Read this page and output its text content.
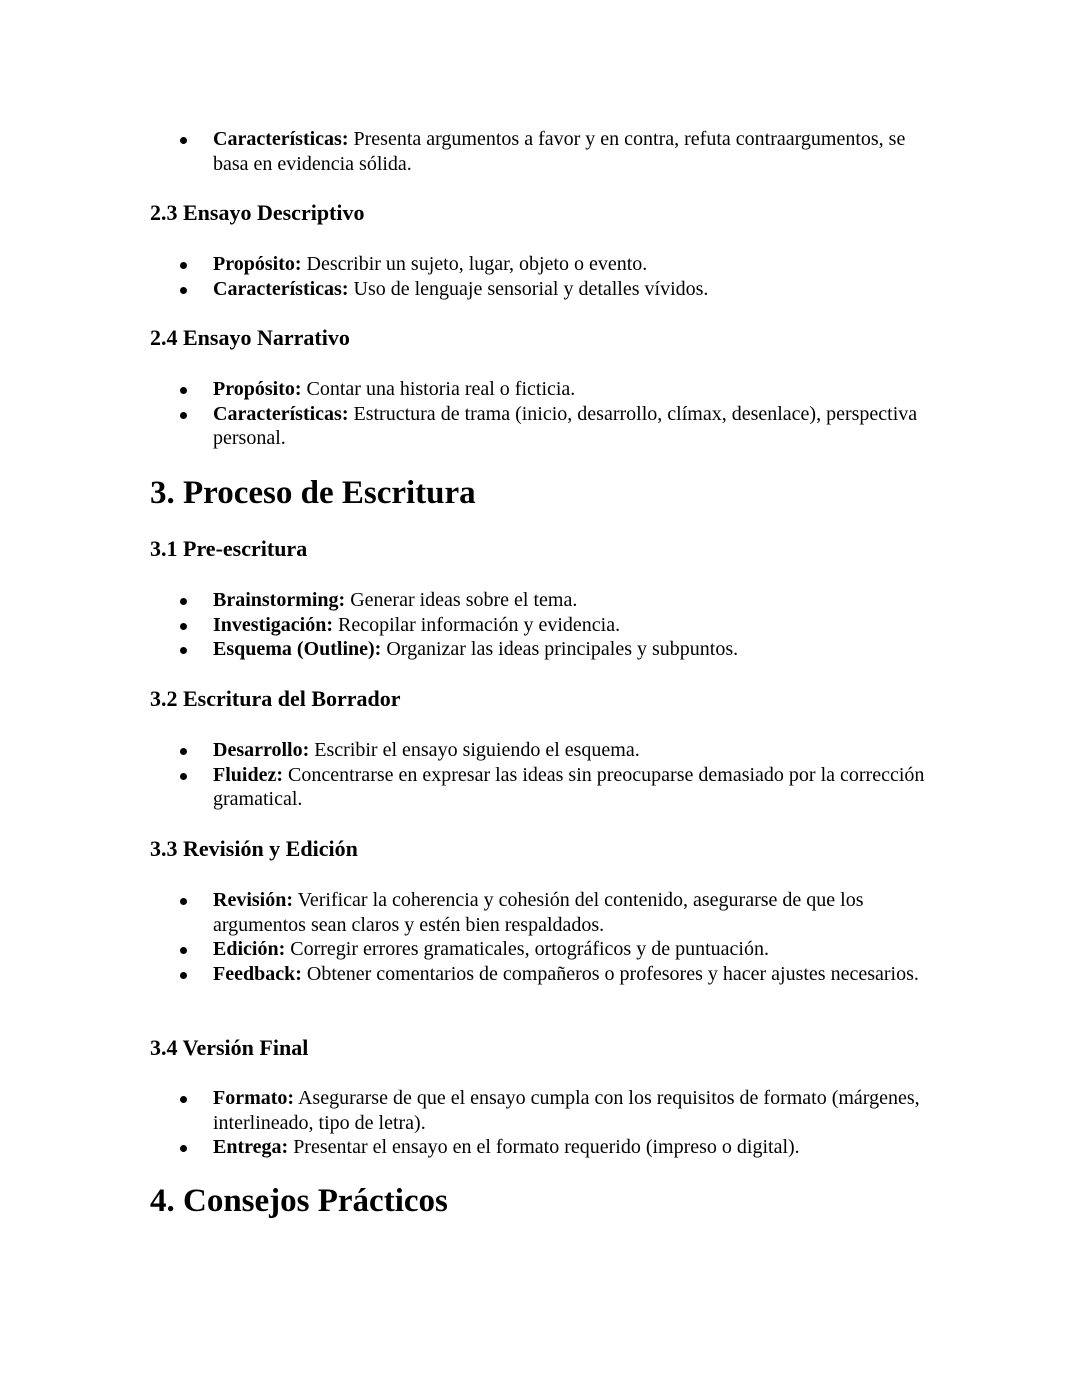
Características: Presenta argumentos a favor y en contra, refuta contraargumentos, se basa en evidencia sólida.
2.3 Ensayo Descriptivo
Propósito: Describir un sujeto, lugar, objeto o evento.
Características: Uso de lenguaje sensorial y detalles vívidos.
2.4 Ensayo Narrativo
Propósito: Contar una historia real o ficticia.
Características: Estructura de trama (inicio, desarrollo, clímax, desenlace), perspectiva personal.
3. Proceso de Escritura
3.1 Pre-escritura
Brainstorming: Generar ideas sobre el tema.
Investigación: Recopilar información y evidencia.
Esquema (Outline): Organizar las ideas principales y subpuntos.
3.2 Escritura del Borrador
Desarrollo: Escribir el ensayo siguiendo el esquema.
Fluidez: Concentrarse en expresar las ideas sin preocuparse demasiado por la corrección gramatical.
3.3 Revisión y Edición
Revisión: Verificar la coherencia y cohesión del contenido, asegurarse de que los argumentos sean claros y estén bien respaldados.
Edición: Corregir errores gramaticales, ortográficos y de puntuación.
Feedback: Obtener comentarios de compañeros o profesores y hacer ajustes necesarios.
3.4 Versión Final
Formato: Asegurarse de que el ensayo cumpla con los requisitos de formato (márgenes, interlineado, tipo de letra).
Entrega: Presentar el ensayo en el formato requerido (impreso o digital).
4. Consejos Prácticos
